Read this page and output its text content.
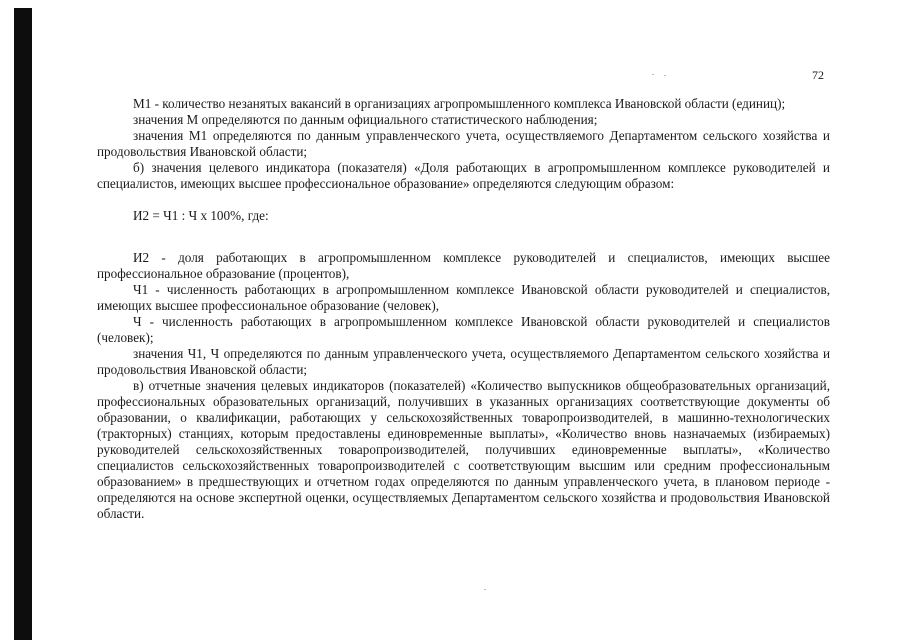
72

М1 - количество незанятых вакансий в организациях агропромышленного комплекса Ивановской области (единиц);

значения М определяются по данным официального статистического наблюдения;

значения М1 определяются по данным управленческого учета, осуществляемого Департаментом сельского хозяйства и продовольствия Ивановской области;

б) значения целевого индикатора (показателя) «Доля работающих в агропромышленном комплексе руководителей и специалистов, имеющих высшее профессиональное образование» определяются следующим образом:

И2 = Ч1 : Ч х 100%, где:

И2 - доля работающих в агропромышленном комплексе руководителей и специалистов, имеющих высшее профессиональное образование (процентов),

Ч1 - численность работающих в агропромышленном комплексе Ивановской области руководителей и специалистов, имеющих высшее профессиональное образование (человек),

Ч - численность работающих в агропромышленном комплексе Ивановской области руководителей и специалистов (человек);

значения Ч1, Ч определяются по данным управленческого учета, осуществляемого Департаментом сельского хозяйства и продовольствия Ивановской области;

в) отчетные значения целевых индикаторов (показателей) «Количество выпускников общеобразовательных организаций, профессиональных образовательных организаций, получивших в указанных организациях соответствующие документы об образовании, о квалификации, работающих у сельскохозяйственных товаропроизводителей, в машинно-технологических (тракторных) станциях, которым предоставлены единовременные выплаты», «Количество вновь назначаемых (избираемых) руководителей сельскохозяйственных товаропроизводителей, получивших единовременные выплаты», «Количество специалистов сельскохозяйственных товаропроизводителей с соответствующим высшим или средним профессиональным образованием» в предшествующих и отчетном годах определяются по данным управленческого учета, в плановом периоде - определяются на основе экспертной оценки, осуществляемых Департаментом сельского хозяйства и продовольствия Ивановской области.
